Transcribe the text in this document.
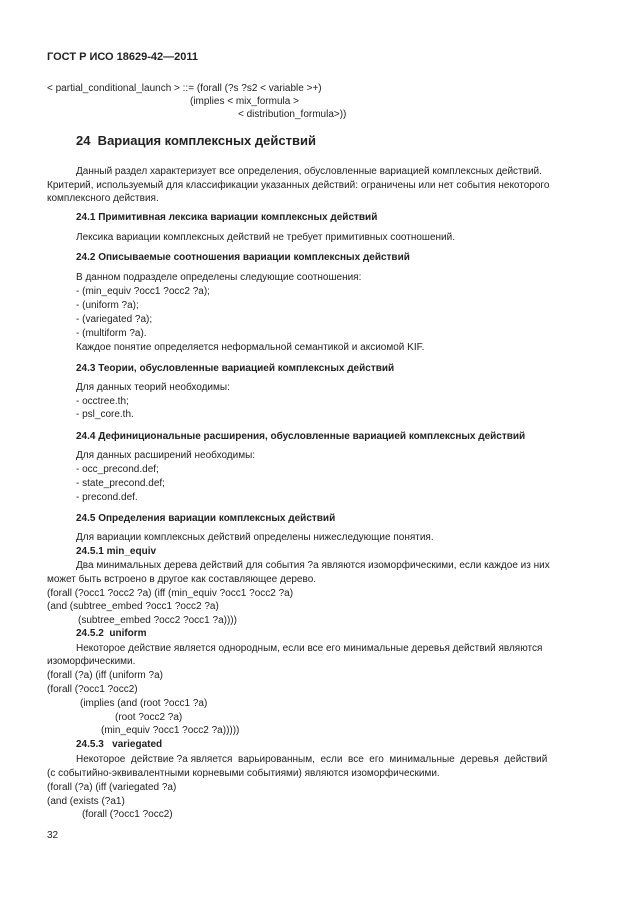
ГОСТ Р ИСО 18629-42—2011
< partial_conditional_launch > ::= (forall (?s ?s2 < variable >+)
(implies < mix_formula >
< distribution_formula>))
24  Вариация комплексных действий
Данный раздел характеризует все определения, обусловленные вариацией комплексных действий.
Критерий, используемый для классификации указанных действий: ограничены или нет события некоторого
комплексного действия.
24.1 Примитивная лексика вариации комплексных действий
Лексика вариации комплексных действий не требует примитивных соотношений.
24.2 Описываемые соотношения вариации комплексных действий
В данном подразделе определены следующие соотношения:
- (min_equiv ?occ1 ?occ2 ?a);
- (uniform ?a);
- (variegated ?a);
- (multiform ?a).
Каждое понятие определяется неформальной семантикой и аксиомой KIF.
24.3 Теории, обусловленные вариацией комплексных действий
Для данных теорий необходимы:
- occtree.th;
- psl_core.th.
24.4 Дефинициональные расширения, обусловленные вариацией комплексных действий
Для данных расширений необходимы:
- occ_precond.def;
- state_precond.def;
- precond.def.
24.5 Определения вариации комплексных действий
Для вариации комплексных действий определены нижеследующие понятия.
24.5.1 min_equiv
Два минимальных дерева действий для события ?a являются изоморфическими, если каждое из них
может быть встроено в другое как составляющее дерево.
(forall (?occ1 ?occ2 ?a) (iff (min_equiv ?occ1 ?occ2 ?a)
(and (subtree_embed ?occ1 ?occ2 ?a)
(subtree_embed ?occ2 ?occ1 ?a))))
24.5.2  uniform
Некоторое действие является однородным, если все его минимальные деревья действий являются
изоморфическими.
(forall (?a) (iff (uniform ?a)
(forall (?occ1 ?occ2)
(implies (and (root ?occ1 ?a)
(root ?occ2 ?a)
(min_equiv ?occ1 ?occ2 ?a)))))
24.5.3   variegated
Некоторое  действие ?a является  варьированным,  если  все  его  минимальные  деревья  действий
(с событийно-эквивалентными корневыми событиями) являются изоморфическими.
(forall (?a) (iff (variegated ?a)
(and (exists (?a1)
(forall (?occ1 ?occ2)
32
